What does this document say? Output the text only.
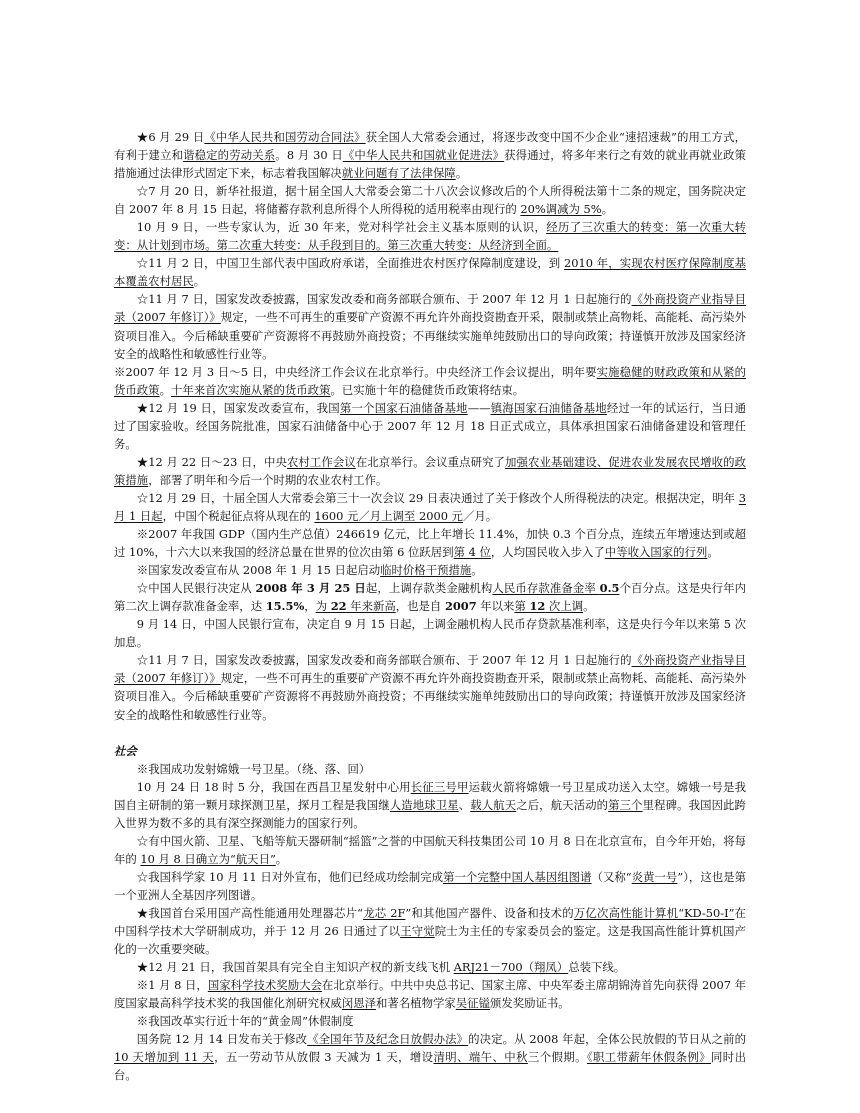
★6 月 29 日《中华人民共和国劳动合同法》获全国人大常委会通过，将逐步改变中国不少企业“速招速裁”的用工方式，有利于建立和谐稳定的劳动关系。8 月 30 日《中华人民共和国就业促进法》获得通过，将多年来行之有效的就业再就业政策措施通过法律形式固定下来，标志着我国解决就业问题有了法律保障。

☆7 月 20 日，新华社报道，据十届全国人大常委会第二十八次会议修改后的个人所得税法第十二条的规定，国务院决定自 2007 年 8 月 15 日起，将储蓄存款利息所得个人所得税的适用税率由现行的 20%调减为 5%。

10 月 9 日，一些专家认为，近 30 年来，党对科学社会主义基本原则的认识，经历了三次重大的转变：第一次重大转变：从计划到市场。第二次重大转变：从手段到目的。第三次重大转变：从经济到全面。

☆11 月 2 日，中国卫生部代表中国政府承诺，全面推进农村医疗保障制度建设，到 2010 年，实现农村医疗保障制度基本覆盖农村居民。

☆11 月 7 日，国家发改委披露，国家发改委和商务部联合颁布、于 2007 年 12 月 1 日起施行的《外商投资产业指导目录（2007 年修订）》规定，一些不可再生的重要矿产资源不再允许外商投资勘查开采，限制或禁止高物耗、高能耗、高污染外资项目准入。今后稀缺重要矿产资源将不再鼓励外商投资；不再继续实施单纯鼓励出口的导向政策；持谨慎开放涉及国家经济安全的战略性和敏感性行业等。

※2007 年 12 月 3 日～5 日，中央经济工作会议在北京举行。中央经济工作会议提出，明年要实施稳健的财政政策和从紧的货币政策。十年来首次实施从紧的货币政策。已实施十年的稳健货币政策将结束。

★12 月 19 日，国家发改委宣布，我国第一个国家石油储备基地——镇海国家石油储备基地经过一年的试运行，当日通过了国家验收。经国务院批准，国家石油储备中心于 2007 年 12 月 18 日正式成立，具体承担国家石油储备建设和管理任务。

★12 月 22 日～23 日，中央农村工作会议在北京举行。会议重点研究了加强农业基础建设、促进农业发展农民增收的政策措施，部署了明年和今后一个时期的农业农村工作。

☆12 月 29 日，十届全国人大常委会第三十一次会议 29 日表决通过了关于修改个人所得税法的决定。根据决定，明年 3 月 1 日起，中国个税起征点将从现在的 1600 元／月上调至 2000 元／月。

※2007 年我国 GDP（国内生产总值）246619 亿元，比上年增长 11.4%，加快 0.3 个百分点，连续五年增速达到或超过 10%，十六大以来我国的经济总量在世界的位次由第 6 位跃居到第 4 位，人均国民收入步入了中等收入国家的行列。

※国家发改委宣布从 2008 年 1 月 15 日起启动临时价格干预措施。

☆中国人民银行决定从 2008 年 3 月 25 日起，上调存款类金融机构人民币存款准备金率 0.5个百分点。这是央行年内第二次上调存款准备金率，达 15.5%，为 22 年来新高，也是自 2007 年以来第 12 次上调。

9 月 14 日，中国人民银行宣布，决定自 9 月 15 日起，上调金融机构人民币存贷款基准利率，这是央行今年以来第 5 次加息。

☆11 月 7 日，国家发改委披露，国家发改委和商务部联合颁布、于 2007 年 12 月 1 日起施行的《外商投资产业指导目录（2007 年修订）》规定，一些不可再生的重要矿产资源不再允许外商投资勘查开采，限制或禁止高物耗、高能耗、高污染外资项目准入。今后稀缺重要矿产资源将不再鼓励外商投资；不再继续实施单纯鼓励出口的导向政策；持谨慎开放涉及国家经济安全的战略性和敏感性行业等。

社会

※我国成功发射嫦娥一号卫星。（绕、落、回）

10 月 24 日 18 时 5 分，我国在西昌卫星发射中心用长征三号甲运载火箭将嫦娥一号卫星成功送入太空。嫦娥一号是我国自主研制的第一颗月球探测卫星，探月工程是我国继人造地球卫星、载人航天之后，航天活动的第三个里程碑。我国因此跨入世界为数不多的具有深空探测能力的国家行列。

☆有中国火箭、卫星、飞船等航天器研制“摇篮”之誉的中国航天科技集团公司 10 月 8 日在北京宣布，自今年开始，将每年的 10 月 8 日确立为“航天日”。

☆我国科学家 10 月 11 日对外宣布，他们已经成功绘制完成第一个完整中国人基因组图谱（又称“炎黄一号”），这也是第一个亚洲人全基因序列图谱。

★我国首台采用国产高性能通用处理器芯片“龙芯 2F”和其他国产器件、设备和技术的万亿次高性能计算机“KD-50-I”在中国科学技术大学研制成功，并于 12 月 26 日通过了以王守觉院士为主任的专家委员会的鉴定。这是我国高性能计算机国产化的一次重要突破。

★12 月 21 日，我国首架具有完全自主知识产权的新支线飞机 ARJ21－700（翔凤）总装下线。

※1 月 8 日，国家科学技术奖励大会在北京举行。中共中央总书记、国家主席、中央军委主席胡锦涛首先向获得 2007 年度国家最高科学技术奖的我国催化剂研究权威闵恩泽和著名植物学家吴征镒颁发奖励证书。

※我国改革实行近十年的“黄金周”休假制度

国务院 12 月 14 日发布关于修改《全国年节及纪念日放假办法》的决定。从 2008 年起，全体公民放假的节日从之前的 10 天增加到 11 天，五一劳动节从放假 3 天减为 1 天，增设清明、端午、中秋三个假期。《职工带薪年休假条例》同时出台。
